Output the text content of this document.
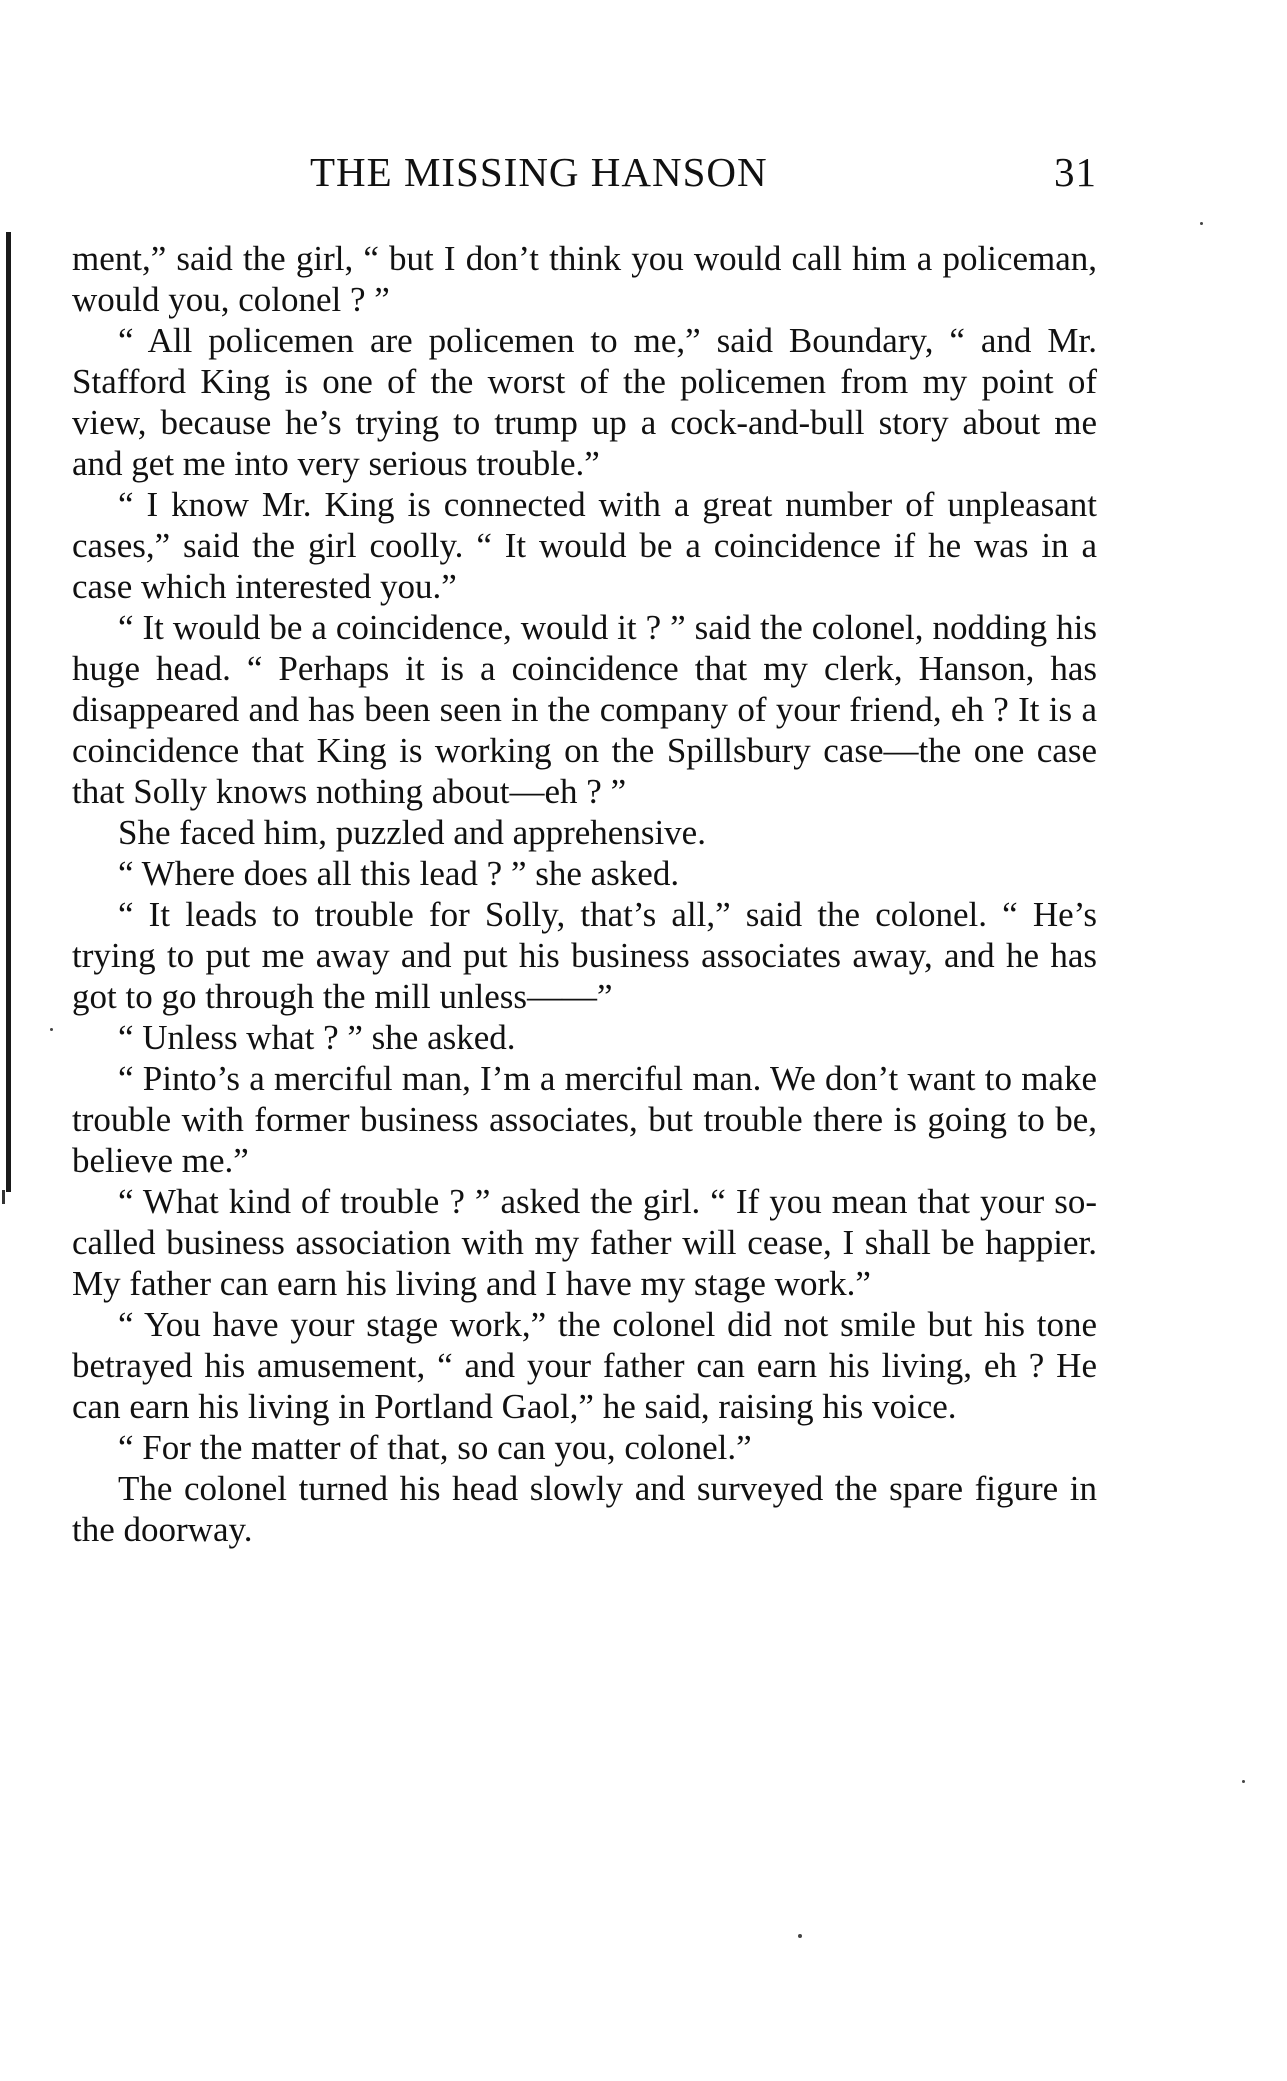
THE MISSING HANSON	31

ment,” said the girl, “ but I don’t think you would call him a policeman, would you, colonel ? ”

“ All policemen are policemen to me,” said Boundary, “ and Mr. Stafford King is one of the worst of the policemen from my point of view, because he’s trying to trump up a cock-and-bull story about me and get me into very serious trouble.”

“ I know Mr. King is connected with a great number of unpleasant cases,” said the girl coolly. “ It would be a coincidence if he was in a case which interested you.”

“ It would be a coincidence, would it ? ” said the colonel, nodding his huge head. “ Perhaps it is a coincidence that my clerk, Hanson, has disappeared and has been seen in the company of your friend, eh ? It is a coincidence that King is working on the Spillsbury case—the one case that Solly knows nothing about—eh ? ”

She faced him, puzzled and apprehensive.

“ Where does all this lead ? ” she asked.

“ It leads to trouble for Solly, that’s all,” said the colonel. “ He’s trying to put me away and put his business associates away, and he has got to go through the mill unless——”

“ Unless what ? ” she asked.

“ Pinto’s a merciful man, I’m a merciful man. We don’t want to make trouble with former business associates, but trouble there is going to be, believe me.”

“ What kind of trouble ? ” asked the girl. “ If you mean that your so-called business association with my father will cease, I shall be happier. My father can earn his living and I have my stage work.”

“ You have your stage work,” the colonel did not smile but his tone betrayed his amusement, “ and your father can earn his living, eh ? He can earn his living in Portland Gaol,” he said, raising his voice.

“ For the matter of that, so can you, colonel.”

The colonel turned his head slowly and surveyed the spare figure in the doorway.
